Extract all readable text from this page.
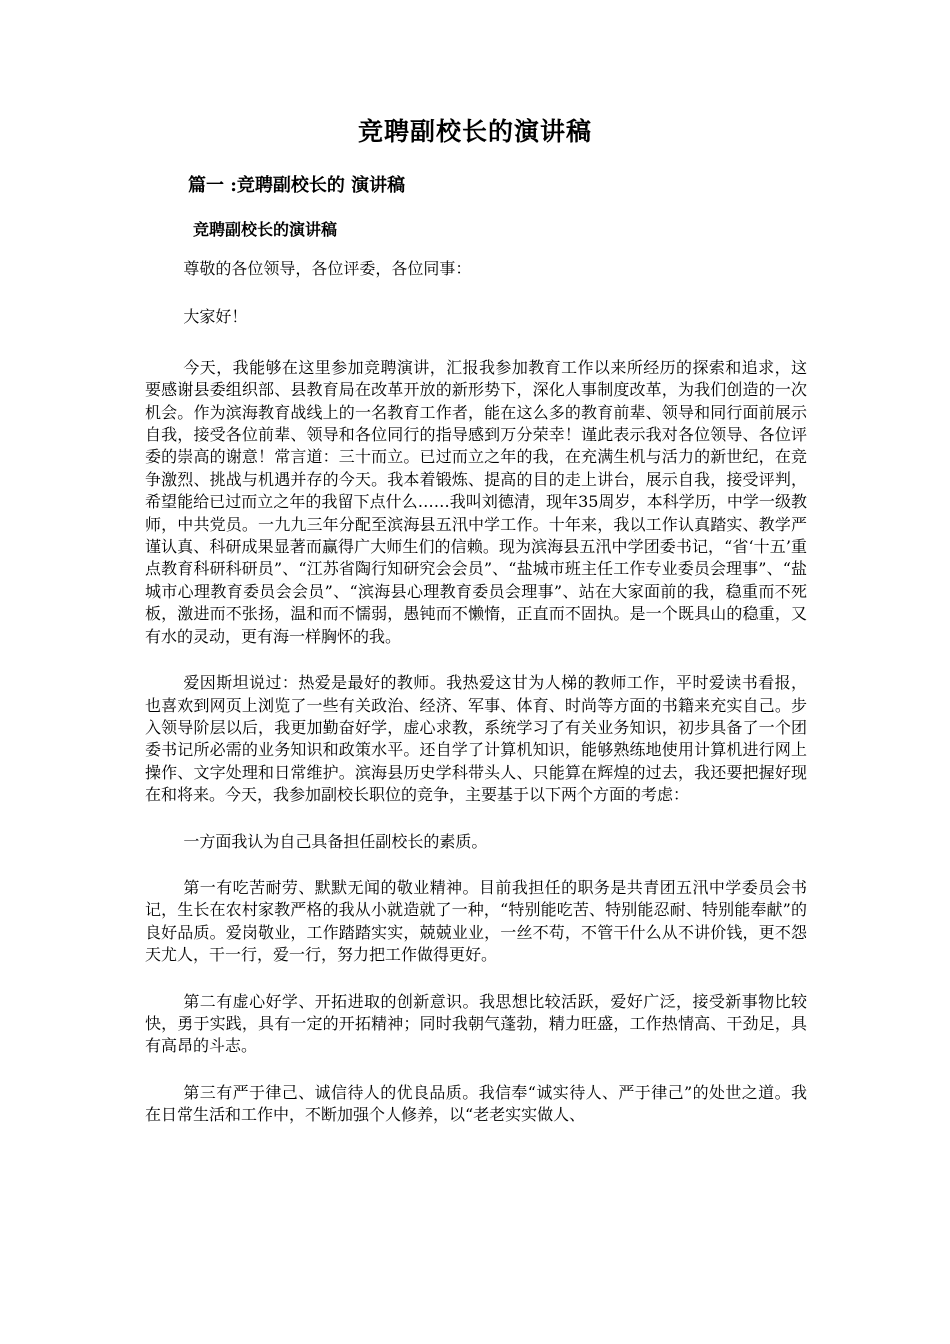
竞聘副校长的演讲稿
篇一 :竞聘副校长的 演讲稿
竞聘副校长的演讲稿

尊敬的各位领导，各位评委，各位同事：

大家好！

今天，我能够在这里参加竞聘演讲，汇报我参加教育工作以来所经历的探索和追求，这要感谢县委组织部、县教育局在改革开放的新形势下，深化人事制度改革，为我们创造的一次机会。作为滨海教育战线上的一名教育工作者，能在这么多的教育前辈、领导和同行面前展示自我，接受各位前辈、领导和各位同行的指导感到万分荣幸！谨此表示我对各位领导、各位评委的崇高的谢意！常言道：三十而立。已过而立之年的我，在充满生机与活力的新世纪，在竞争激烈、挑战与机遇并存的今天。我本着锻炼、提高的目的走上讲台，展示自我，接受评判，希望能给已过而立之年的我留下点什么……我叫刘德清，现年35周岁，本科学历，中学一级教师，中共党员。一九九三年分配至滨海县五汛中学工作。十年来，我以工作认真踏实、教学严谨认真、科研成果显著而赢得广大师生们的信赖。现为滨海县五汛中学团委书记，“省‘十五’重点教育科研科研员”、“江苏省陶行知研究会会员”、“盐城市班主任工作专业委员会理事”、“盐城市心理教育委员会会员”、“滨海县心理教育委员会理事”、站在大家面前的我，稳重而不死板，激进而不张扬，温和而不懦弱，愚钝而不懒惰，正直而不固执。是一个既具山的稳重，又有水的灵动，更有海一样胸怀的我。

爱因斯坦说过：热爱是最好的教师。我热爱这甘为人梯的教师工作，平时爱读书看报，也喜欢到网页上浏览了一些有关政治、经济、军事、体育、时尚等方面的书籍来充实自己。步入领导阶层以后，我更加勤奋好学，虚心求教，系统学习了有关业务知识，初步具备了一个团委书记所必需的业务知识和政策水平。还自学了计算机知识，能够熟练地使用计算机进行网上操作、文字处理和日常维护。滨海县历史学科带头人、只能算在辉煌的过去，我还要把握好现在和将来。今天，我参加副校长职位的竞争，主要基于以下两个方面的考虑：

一方面我认为自己具备担任副校长的素质。

第一有吃苦耐劳、默默无闻的敬业精神。目前我担任的职务是共青团五汛中学委员会书记，生长在农村家教严格的我从小就造就了一种，“特别能吃苦、特别能忍耐、特别能奉献”的良好品质。爱岗敬业，工作踏踏实实，兢兢业业，一丝不苟，不管干什么从不讲价钱，更不怨天尤人，干一行，爱一行，努力把工作做得更好。

第二有虚心好学、开拓进取的创新意识。我思想比较活跃，爱好广泛，接受新事物比较快，勇于实践，具有一定的开拓精神；同时我朝气蓬勃，精力旺盛，工作热情高、干劲足，具有高昂的斗志。

第三有严于律己、诚信待人的优良品质。我信奉“诚实待人、严于律己”的处世之道。我在日常生活和工作中，不断加强个人修养，以“老老实实做人、
